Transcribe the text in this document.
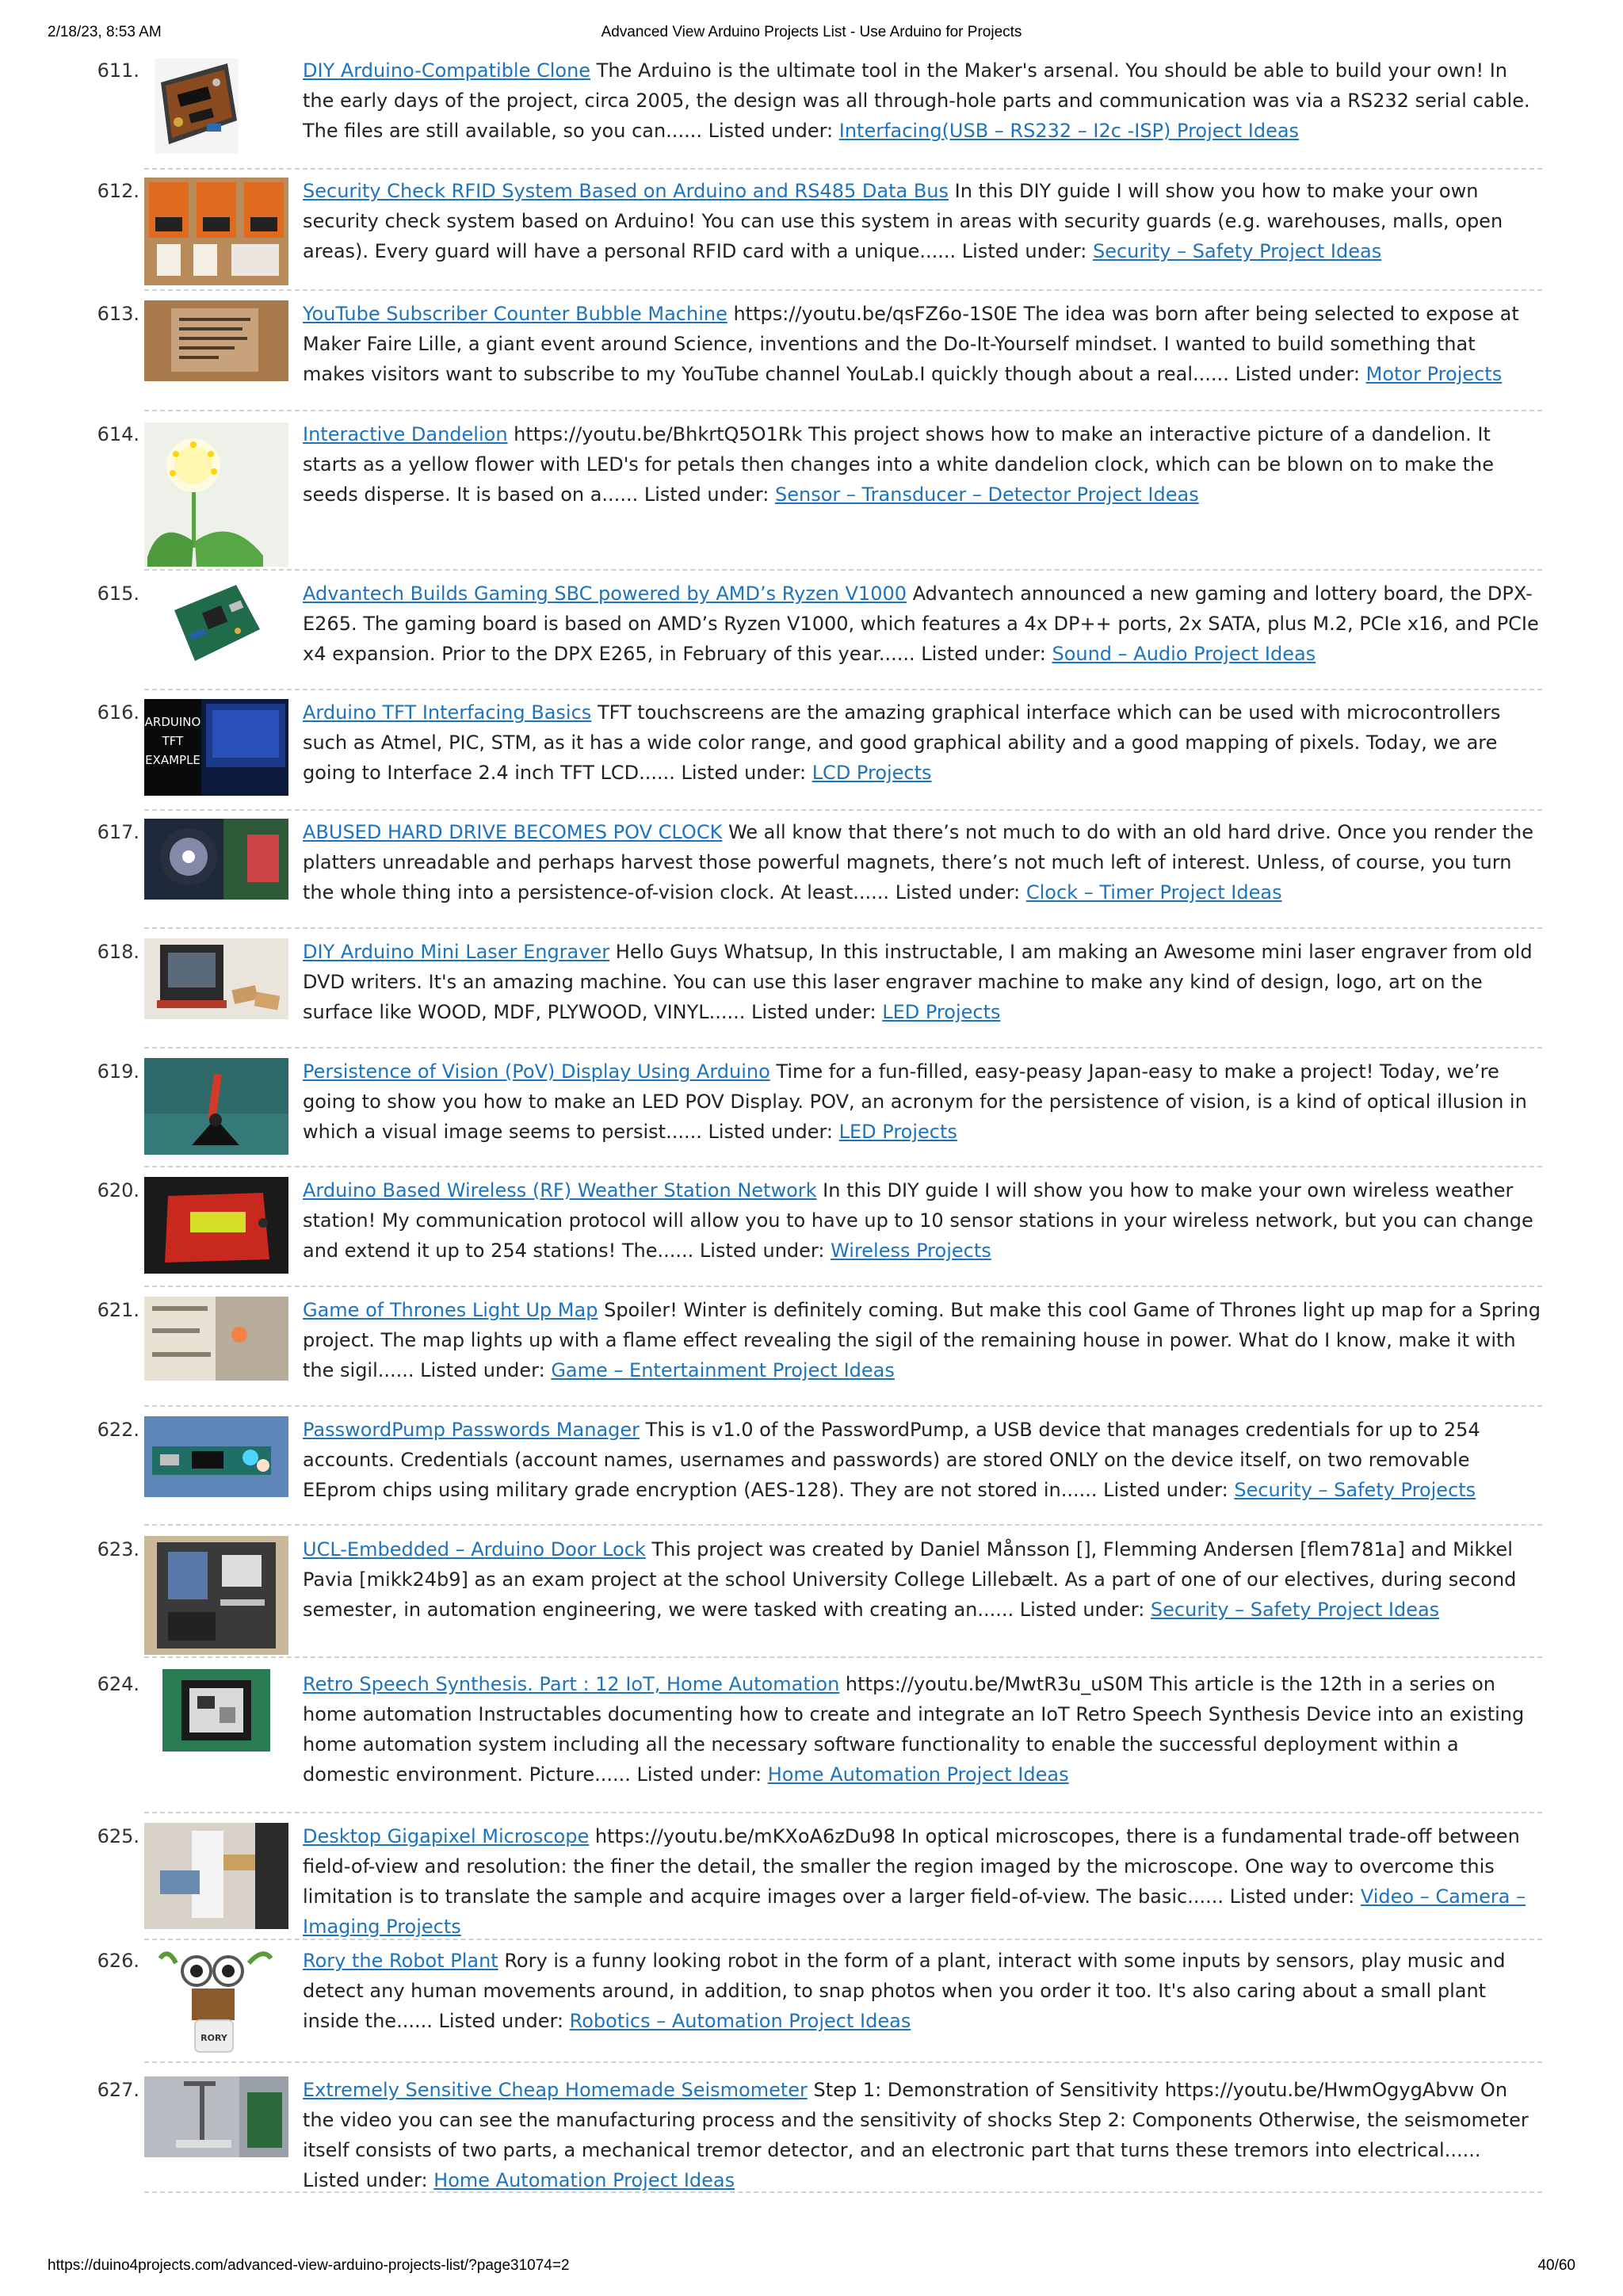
2/18/23, 8:53 AM	Advanced View Arduino Projects List - Use Arduino for Projects
https://duino4projects.com/advanced-view-arduino-projects-list/?page31074=2	40/60
611.	DIY Arduino-Compatible Clone The Arduino is the ultimate tool in the Maker's arsenal. You should be able to build your own! In the early days of the project, circa 2005, the design was all through-hole parts and communication was via a RS232 serial cable. The files are still available, so you can...... Listed under: Interfacing(USB – RS232 – I2c -ISP) Project Ideas
612.	Security Check RFID System Based on Arduino and RS485 Data Bus In this DIY guide I will show you how to make your own security check system based on Arduino! You can use this system in areas with security guards (e.g. warehouses, malls, open areas). Every guard will have a personal RFID card with a unique...... Listed under: Security – Safety Project Ideas
613.	YouTube Subscriber Counter Bubble Machine https://youtu.be/qsFZ6o-1S0E The idea was born after being selected to expose at Maker Faire Lille, a giant event around Science, inventions and the Do-It-Yourself mindset. I wanted to build something that makes visitors want to subscribe to my YouTube channel YouLab.I quickly though about a real...... Listed under: Motor Projects
614.	Interactive Dandelion https://youtu.be/BhkrtQ5O1Rk This project shows how to make an interactive picture of a dandelion. It starts as a yellow flower with LED's for petals then changes into a white dandelion clock, which can be blown on to make the seeds disperse. It is based on a...... Listed under: Sensor – Transducer – Detector Project Ideas
615.	Advantech Builds Gaming SBC powered by AMD’s Ryzen V1000 Advantech announced a new gaming and lottery board, the DPX-E265. The gaming board is based on AMD’s Ryzen V1000, which features a 4x DP++ ports, 2x SATA, plus M.2, PCIe x16, and PCIe x4 expansion. Prior to the DPX E265, in February of this year...... Listed under: Sound – Audio Project Ideas
616. ARDUINO
TFT
EXAMPLE
Arduino TFT Interfacing Basics TFT touchscreens are the amazing graphical interface which can be used with microcontrollers such as Atmel, PIC, STM, as it has a wide color range, and good graphical ability and a good mapping of pixels. Today, we are going to Interface 2.4 inch TFT LCD...... Listed under: LCD Projects
617.	ABUSED HARD DRIVE BECOMES POV CLOCK We all know that there’s not much to do with an old hard drive. Once you render the platters unreadable and perhaps harvest those powerful magnets, there’s not much left of interest. Unless, of course, you turn the whole thing into a persistence-of-vision clock. At least...... Listed under: Clock – Timer Project Ideas
618.	DIY Arduino Mini Laser Engraver Hello Guys Whatsup, In this instructable, I am making an Awesome mini laser engraver from old DVD writers. It's an amazing machine. You can use this laser engraver machine to make any kind of design, logo, art on the surface like WOOD, MDF, PLYWOOD, VINYL...... Listed under: LED Projects
619.	Persistence of Vision (PoV) Display Using Arduino Time for a fun-filled, easy-peasy Japan-easy to make a project! Today, we’re going to show you how to make an LED POV Display. POV, an acronym for the persistence of vision, is a kind of optical illusion in which a visual image seems to persist...... Listed under: LED Projects
620.	Arduino Based Wireless (RF) Weather Station Network In this DIY guide I will show you how to make your own wireless weather station! My communication protocol will allow you to have up to 10 sensor stations in your wireless network, but you can change and extend it up to 254 stations! The...... Listed under: Wireless Projects
621.	Game of Thrones Light Up Map Spoiler! Winter is definitely coming. But make this cool Game of Thrones light up map for a Spring project. The map lights up with a flame effect revealing the sigil of the remaining house in power. What do I know, make it with the sigil...... Listed under: Game – Entertainment Project Ideas
622.	PasswordPump Passwords Manager This is v1.0 of the PasswordPump, a USB device that manages credentials for up to 254 accounts. Credentials (account names, usernames and passwords) are stored ONLY on the device itself, on two removable EEprom chips using military grade encryption (AES-128). They are not stored in...... Listed under: Security – Safety Projects
623.	UCL-Embedded – Arduino Door Lock This project was created by Daniel Månsson [], Flemming Andersen [flem781a] and Mikkel Pavia [mikk24b9] as an exam project at the school University College Lillebælt. As a part of one of our electives, during second semester, in automation engineering, we were tasked with creating an...... Listed under: Security – Safety Project Ideas
624.	Retro Speech Synthesis. Part : 12 IoT, Home Automation https://youtu.be/MwtR3u_uS0M This article is the 12th in a series on home automation Instructables documenting how to create and integrate an IoT Retro Speech Synthesis Device into an existing home automation system including all the necessary software functionality to enable the successful deployment within a domestic environment. Picture...... Listed under: Home Automation Project Ideas
625.	Desktop Gigapixel Microscope https://youtu.be/mKXoA6zDu98 In optical microscopes, there is a fundamental trade-off between field-of-view and resolution: the finer the detail, the smaller the region imaged by the microscope. One way to overcome this limitation is to translate the sample and acquire images over a larger field-of-view. The basic...... Listed under: Video – Camera – Imaging Projects
626.
RORY
Rory the Robot Plant Rory is a funny looking robot in the form of a plant, interact with some inputs by sensors, play music and detect any human movements around, in addition, to snap photos when you order it too. It's also caring about a small plant inside the...... Listed under: Robotics – Automation Project Ideas
627.	Extremely Sensitive Cheap Homemade Seismometer Step 1: Demonstration of Sensitivity https://youtu.be/HwmOgygAbvw On the video you can see the manufacturing process and the sensitivity of shocks Step 2: Components Otherwise, the seismometer itself consists of two parts, a mechanical tremor detector, and an electronic part that turns these tremors into electrical...... Listed under: Home Automation Project Ideas
